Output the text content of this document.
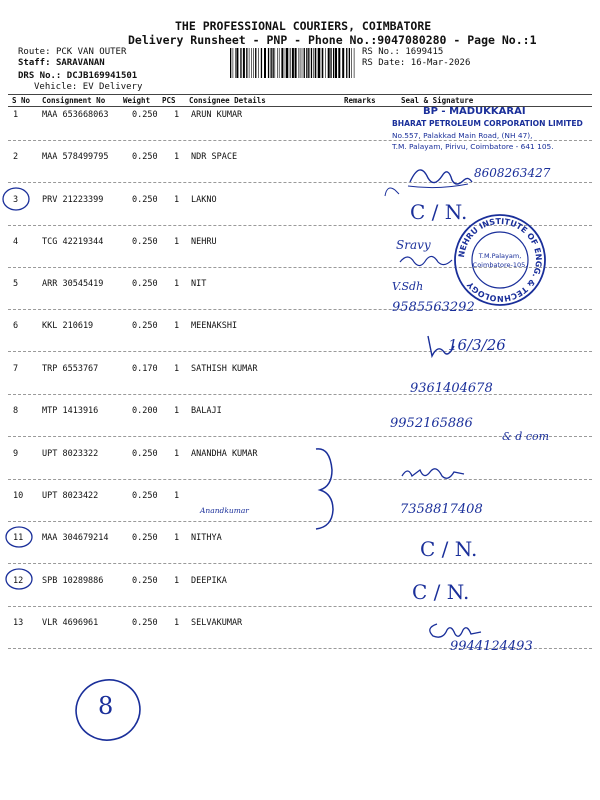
THE PROFESSIONAL COURIERS, COIMBATORE
Delivery Runsheet - PNP - Phone No.:9047080280 - Page No.:1
Route: PCK VAN OUTER
Staff: SARAVANAN
DRS No.: DCJB169941501
Vehicle: EV Delivery
RS No.: 1699415
RS Date: 16-Mar-2026
S No Consignment No Weight PCS Consignee Details	Remarks	Seal & Signature
1	MAA 653668063	0.250 1 ARUN KUMAR
2	MAA 578499795	0.250 1 NDR SPACE
3	PRV 21223399	0.250 1 LAKNO
4	TCG 42219344	0.250 1 NEHRU
5	ARR 30545419	0.250 1 NIT
6	KKL 210619	0.250 1 MEENAKSHI
7	TRP 6553767	0.170 1 SATHISH KUMAR
8	MTP 1413916	0.200 1 BALAJI
9	UPT 8023322	0.250 1 ANANDHA KUMAR
10 UPT 8023422	0.250 1
11 MAA 304679214	0.250 1 NITHYA
12 SPB 10289886	0.250 1 DEEPIKA
13 VLR 4696961	0.250 1 SELVAKUMAR
8
BP - MADUKKARAI
BHARAT PETROLEUM CORPORATION LIMITED
No.557, Palakkad Main Road, (NH 47),
T.M. Palayam, Pirivu, Coimbatore - 641 105.
NEHRU INSTITUTE OF ENGG. & TECHNOLOGY
T.M.Palayam,
Coimbatore-105.
8608263427
C / N.
Sravy
V.Sdh
9585563292
16/3/26
9361404678
9952165886
& d com
Anandkumar	7358817408
C / N.
C / N.
9944124493
